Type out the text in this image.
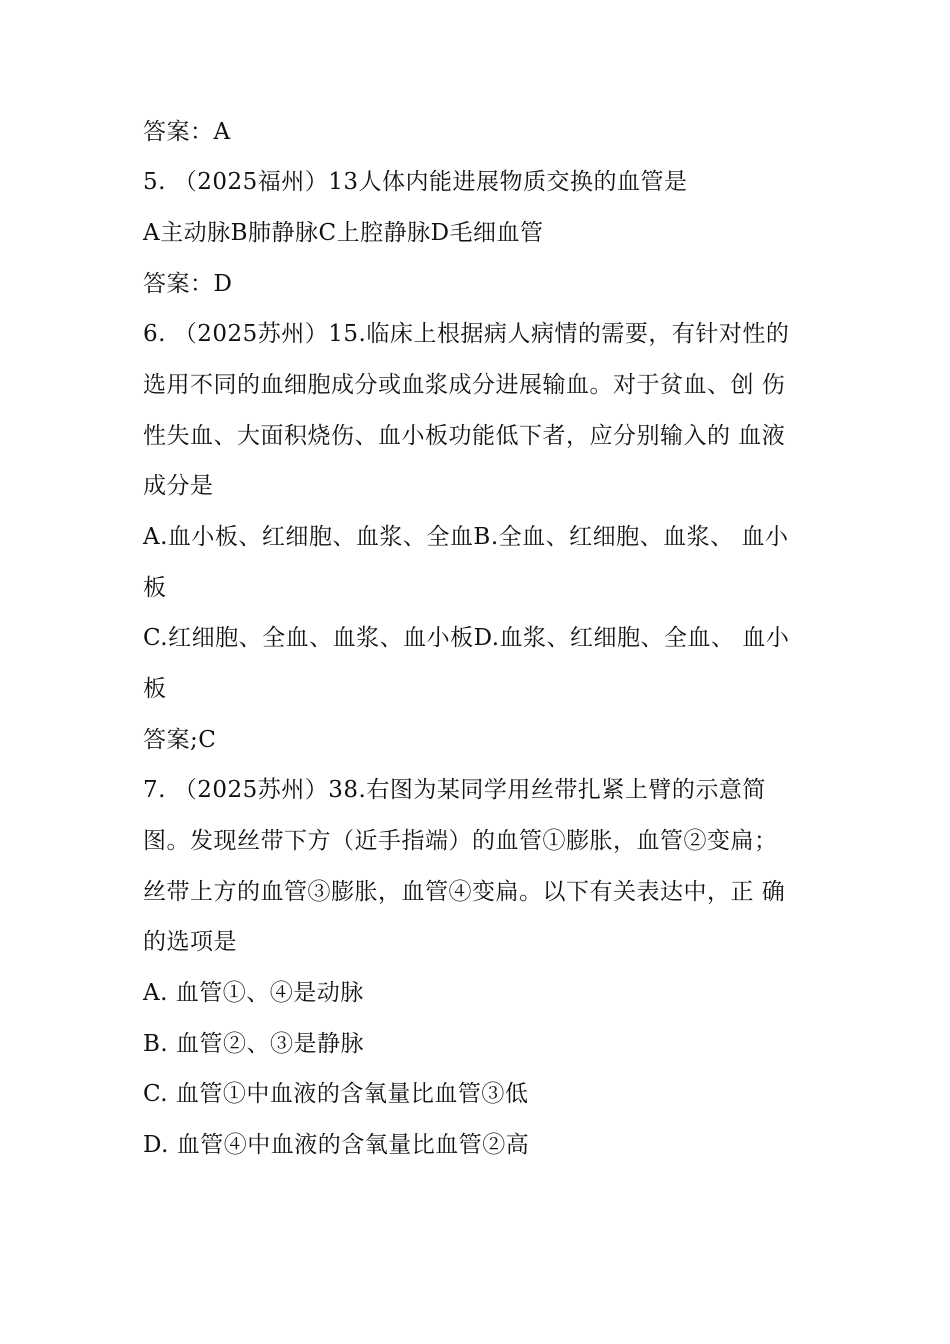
答案：A
5. （2025福州）13人体内能进展物质交换的血管是
A主动脉B肺静脉C上腔静脉D毛细血管
答案：D
6. （2025苏州）15.临床上根据病人病情的需要，有针对性的
选用不同的血细胞成分或血浆成分进展输血。对于贫血、创 伤
性失血、大面积烧伤、血小板功能低下者，应分别输入的 血液
成分是
A.血小板、红细胞、血浆、全血B.全血、红细胞、血浆、 血小
板
C.红细胞、全血、血浆、血小板D.血浆、红细胞、全血、 血小
板
答案;C
7. （2025苏州）38.右图为某同学用丝带扎紧上臂的示意简
图。发现丝带下方（近手指端）的血管①膨胀，血管②变扁；
丝带上方的血管③膨胀，血管④变扁。以下有关表达中，正 确
的选项是
A. 血管①、④是动脉
B. 血管②、③是静脉
C. 血管①中血液的含氧量比血管③低
D. 血管④中血液的含氧量比血管②高
